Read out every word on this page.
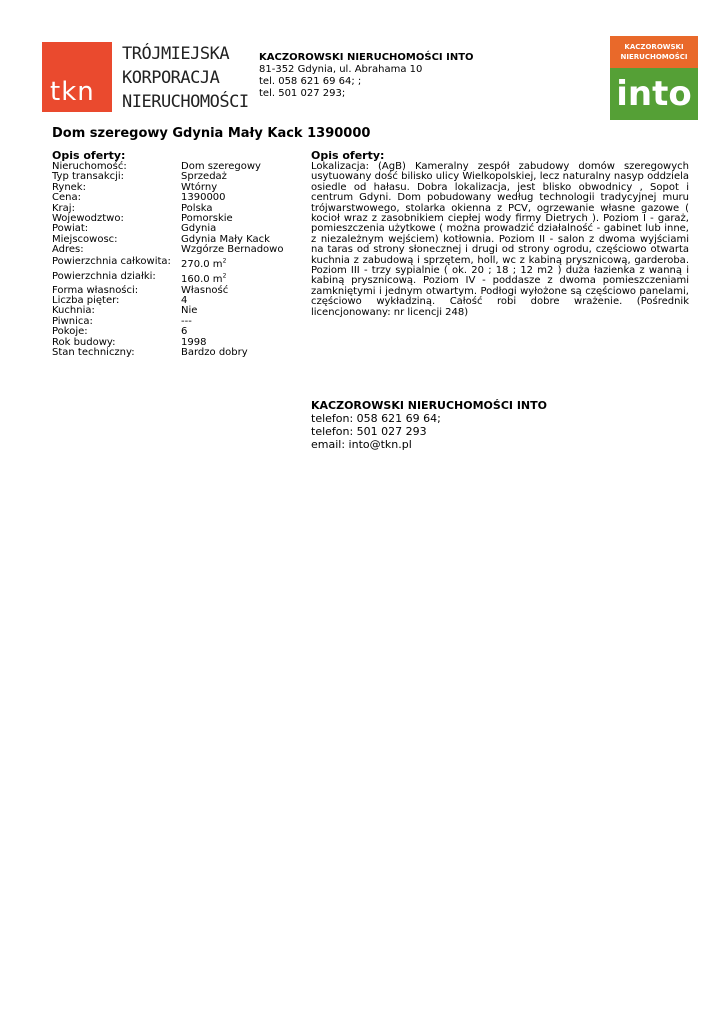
tkn
TRÓJMIEJSKA
KORPORACJA
NIERUCHOMOŚCI
KACZOROWSKI NIERUCHOMOŚCI INTO
81-352 Gdynia, ul. Abrahama 10
tel. 058 621 69 64; ;
tel. 501 027 293;
KACZOROWSKI
NIERUCHOMOŚCI
into
Dom szeregowy Gdynia Mały Kack 1390000
Opis oferty:
Nieruchomość:	Dom szeregowy
Typ transakcji:	Sprzedaż
Rynek:	Wtórny
Cena:	1390000
Kraj:	Polska
Wojewodztwo:	Pomorskie
Powiat:	Gdynia
Miejscowosc:	Gdynia Mały Kack
Adres:	Wzgórze Bernadowo
Powierzchnia całkowita:	270.0 $m^2$
Powierzchnia działki:	160.0 $m^2$
Forma własności:	Własność
Liczba pięter:	4
Kuchnia:	Nie
Piwnica:	---
Pokoje:	6
Rok budowy:	1998
Stan techniczny:	Bardzo dobry
Opis oferty:

Lokalizacja: (AgB) Kameralny zespół zabudowy domów szeregowych usytuowany dość bilisko ulicy Wielkopolskiej, lecz naturalny nasyp oddziela osiedle od hałasu. Dobra lokalizacja, jest blisko obwodnicy , Sopot i centrum Gdyni. Dom pobudowany według technologii tradycyjnej muru trójwarstwowego, stolarka okienna z PCV, ogrzewanie własne gazowe ( kocioł wraz z zasobnikiem ciepłej wody firmy Dietrych ). Poziom I - garaż, pomieszczenia użytkowe ( można prowadzić działalność - gabinet lub inne, z niezależnym wejściem) kotłownia. Poziom II - salon z dwoma wyjściami na taras od strony słonecznej i drugi od strony ogrodu, częściowo otwarta kuchnia z zabudową i sprzętem, holl, wc z kabiną prysznicową, garderoba. Poziom III - trzy sypialnie ( ok. 20 ; 18 ; 12 m2 ) duża łazienka z wanną i kabiną prysznicową. Poziom IV - poddasze z dwoma pomieszczeniami zamkniętymi i jednym otwartym. Podłogi wyłożone są częściowo panelami, częściowo wykładziną. Całość robi dobre wrażenie. (Pośrednik licencjonowany: nr licencji 248)

KACZOROWSKI NIERUCHOMOŚCI INTO
telefon: 058 621 69 64;
telefon: 501 027 293
email: into@tkn.pl
